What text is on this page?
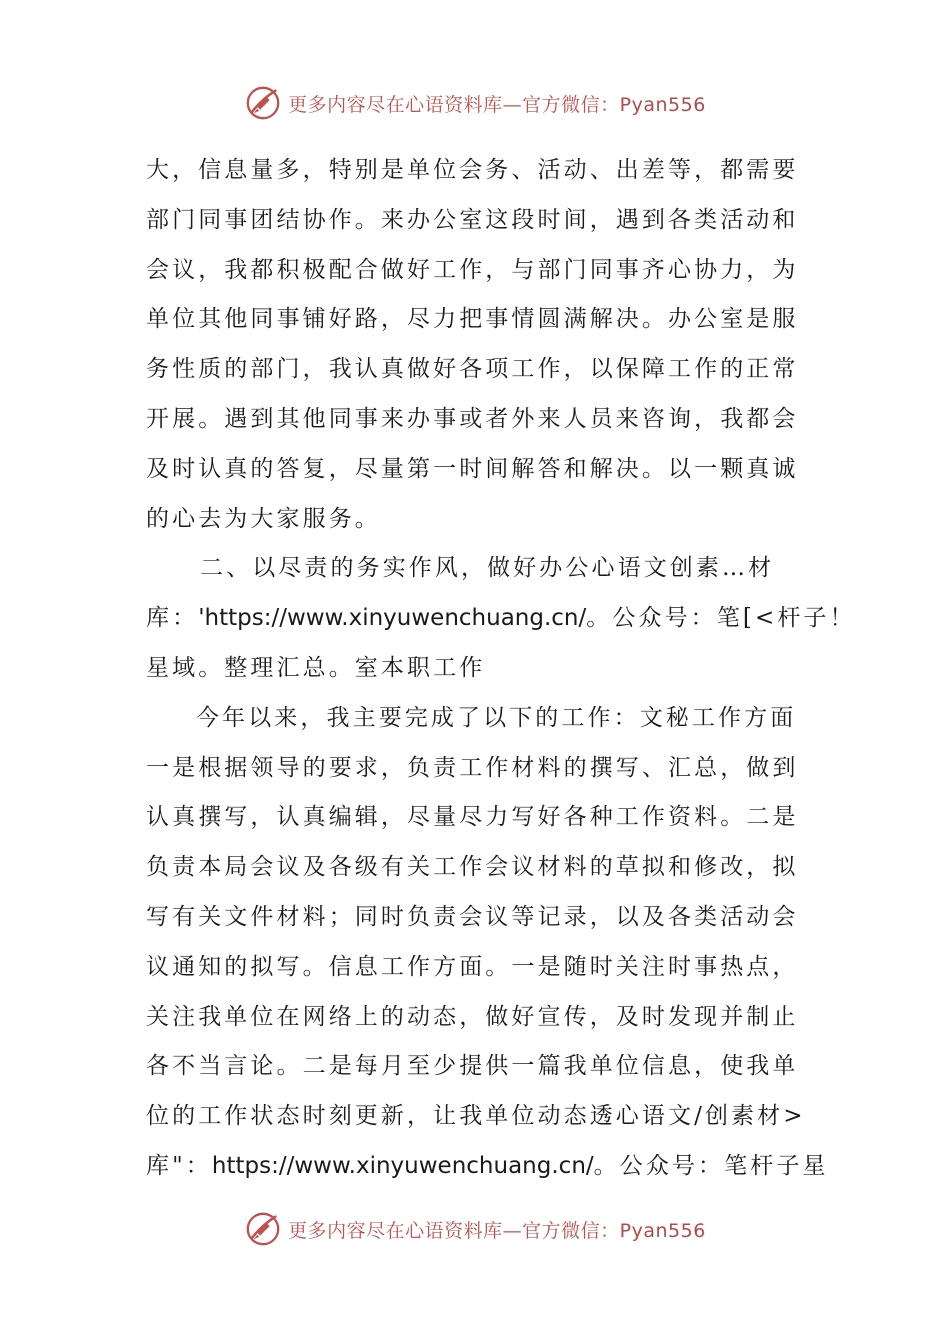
更多内容尽在心语资料库—官方微信：Pyan556
大，信息量多，特别是单位会务、活动、出差等，都需要
部门同事团结协作。来办公室这段时间，遇到各类活动和
会议，我都积极配合做好工作，与部门同事齐心协力，为
单位其他同事铺好路，尽力把事情圆满解决。办公室是服
务性质的部门，我认真做好各项工作，以保障工作的正常
开展。遇到其他同事来办事或者外来人员来咨询，我都会
及时认真的答复，尽量第一时间解答和解决。以一颗真诚
的心去为大家服务。
二、以尽责的务实作风，做好办公心语文创素…材
库：'https://www.xinyuwenchuang.cn/。公众号：笔[<杆子！
星域。整理汇总。室本职工作
今年以来，我主要完成了以下的工作：文秘工作方面
一是根据领导的要求，负责工作材料的撰写、汇总，做到
认真撰写，认真编辑，尽量尽力写好各种工作资料。二是
负责本局会议及各级有关工作会议材料的草拟和修改，拟
写有关文件材料；同时负责会议等记录，以及各类活动会
议通知的拟写。信息工作方面。一是随时关注时事热点，
关注我单位在网络上的动态，做好宣传，及时发现并制止
各不当言论。二是每月至少提供一篇我单位信息，使我单
位的工作状态时刻更新，让我单位动态透心语文/创素材>
库"：https://www.xinyuwenchuang.cn/。公众号：笔杆子星
更多内容尽在心语资料库—官方微信：Pyan556
